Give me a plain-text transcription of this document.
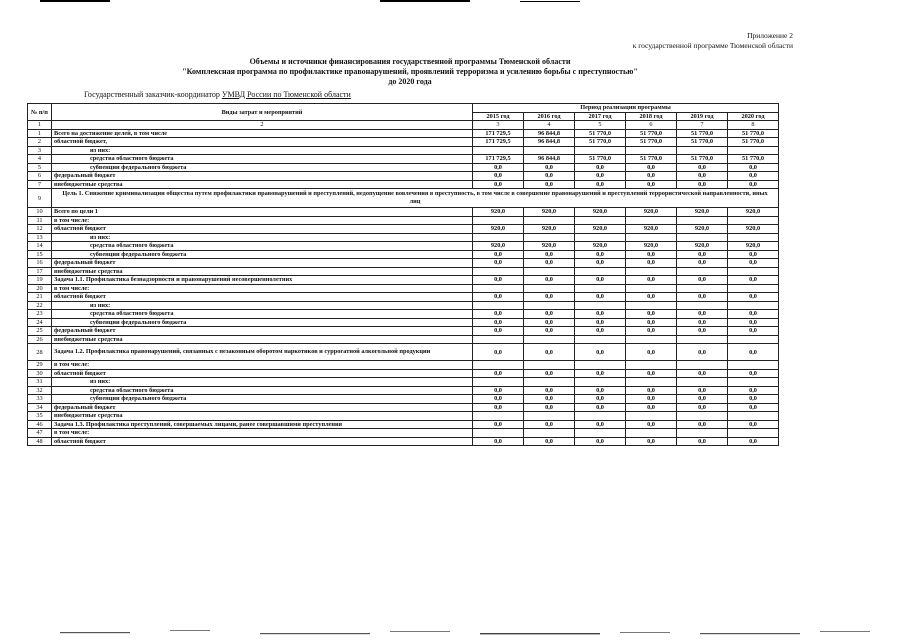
Приложение 2
к государственной программе Тюменской области
Объемы и источники финансирования государственной программы Тюменской области
"Комплексная программа по профилактике правонарушений, проявлений терроризма и усилению борьбы с преступностью"
до 2020 года
Государственный заказчик-координатор УМВД России по Тюменской области
№ п/п	Виды затрат и мероприятий	Период реализации программы					
		2015 год	2016 год	2017 год	2018 год	2019 год	2020 год
1	2	3	4	5	6	7	8
1	Всего на достижение целей, в том числе	171 729,5	96 844,8	51 770,0	51 770,0	51 770,0	51 770,0
2	областной бюджет,	171 729,5	96 844,8	51 770,0	51 770,0	51 770,0	51 770,0
3	из них:						
4	средства областного бюджета	171 729,5	96 844,8	51 770,0	51 770,0	51 770,0	51 770,0
5	субвенции федерального бюджета	0,0	0,0	0,0	0,0	0,0	0,0
6	федеральный бюджет	0,0	0,0	0,0	0,0	0,0	0,0
7	внебюджетные средства	0,0	0,0	0,0	0,0	0,0	0,0
9	Цель 1. Снижение криминализации общества путем профилактики правонарушений и преступлений, недопущение вовлечения в преступность, в том числе в совершение правонарушений и преступлений террористической направленности, иных лиц						
10	Всего по цели 1	920,0	920,0	920,0	920,0	920,0	920,0
11	в том числе:						
12	областной бюджет	920,0	920,0	920,0	920,0	920,0	920,0
13	из них:						
14	средства областного бюджета	920,0	920,0	920,0	920,0	920,0	920,0
15	субвенции федерального бюджета	0,0	0,0	0,0	0,0	0,0	0,0
16	федеральный бюджет	0,0	0,0	0,0	0,0	0,0	0,0
17	внебюджетные средства						
19	Задача 1.1. Профилактика безнадзорности и правонарушений несовершеннолетних	0,0	0,0	0,0	0,0	0,0	0,0
20	в том числе:						
21	областной бюджет	0,0	0,0	0,0	0,0	0,0	0,0
22	из них:						
23	средства областного бюджета	0,0	0,0	0,0	0,0	0,0	0,0
24	субвенции федерального бюджета	0,0	0,0	0,0	0,0	0,0	0,0
25	федеральный бюджет	0,0	0,0	0,0	0,0	0,0	0,0
26	внебюджетные средства						
28	Задача 1.2. Профилактика правонарушений, связанных с незаконным оборотом наркотиков и суррогатной алкогольной продукции	0,0	0,0	0,0	0,0	0,0	0,0
29	в том числе:						
30	областной бюджет	0,0	0,0	0,0	0,0	0,0	0,0
31	из них:						
32	средства областного бюджета	0,0	0,0	0,0	0,0	0,0	0,0
33	субвенции федерального бюджета	0,0	0,0	0,0	0,0	0,0	0,0
34	федеральный бюджет	0,0	0,0	0,0	0,0	0,0	0,0
35	внебюджетные средства						
46	Задача 1.3. Профилактика преступлений, совершаемых лицами, ранее совершавшими преступления	0,0	0,0	0,0	0,0	0,0	0,0
47	в том числе:						
48	областной бюджет	0,0	0,0	0,0	0,0	0,0	0,0
